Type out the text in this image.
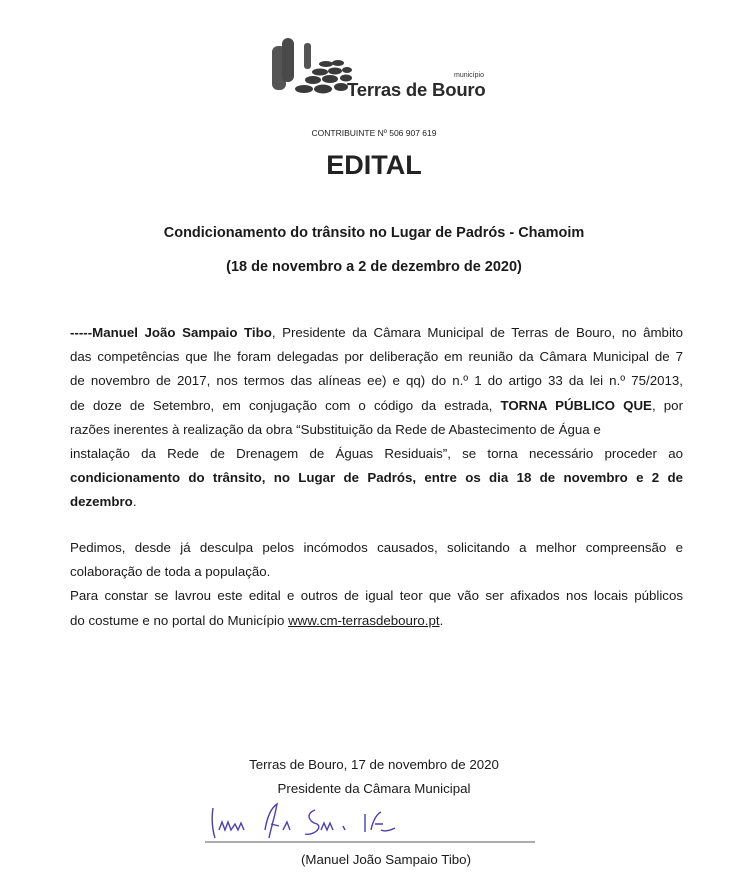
município
Terras de Bouro
CONTRIBUINTE Nº 506 907 619
EDITAL
Condicionamento do trânsito no Lugar de Padrós - Chamoim
(18 de novembro a 2 de dezembro de 2020)
-----Manuel João Sampaio Tibo, Presidente da Câmara Municipal de Terras de Bouro, no âmbito
das competências que lhe foram delegadas por deliberação em reunião da Câmara Municipal de 7
de novembro de 2017, nos termos das alíneas ee) e qq) do n.º 1 do artigo 33 da lei n.º 75/2013,
de doze de Setembro, em conjugação com o código da estrada, TORNA PÚBLICO QUE, por
razões inerentes à realização da obra “Substituição da Rede de Abastecimento de Água e
instalação da Rede de Drenagem de Águas Residuais”, se torna necessário proceder ao
condicionamento do trânsito, no Lugar de Padrós, entre os dia 18 de novembro e 2 de
dezembro.
Pedimos, desde já desculpa pelos incómodos causados, solicitando a melhor compreensão e
colaboração de toda a população.
Para constar se lavrou este edital e outros de igual teor que vão ser afixados nos locais públicos
do costume e no portal do Município www.cm-terrasdebouro.pt.
Terras de Bouro, 17 de novembro de 2020
Presidente da Câmara Municipal
(Manuel João Sampaio Tibo)
